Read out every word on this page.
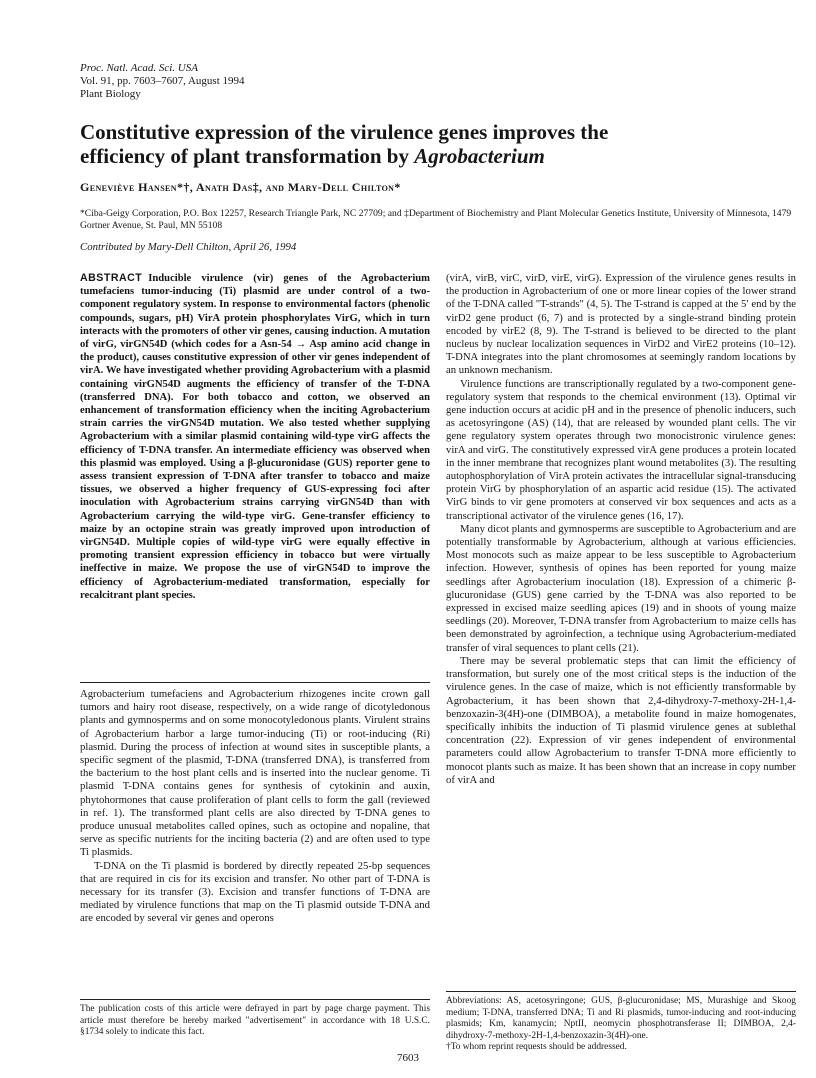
Proc. Natl. Acad. Sci. USA
Vol. 91, pp. 7603–7607, August 1994
Plant Biology
Constitutive expression of the virulence genes improves the
efficiency of plant transformation by Agrobacterium
Geneviève Hansen*†, Anath Das‡, and Mary-Dell Chilton*
*Ciba-Geigy Corporation, P.O. Box 12257, Research Triangle Park, NC 27709; and ‡Department of Biochemistry and Plant Molecular Genetics Institute, University of Minnesota, 1479 Gortner Avenue, St. Paul, MN 55108
Contributed by Mary-Dell Chilton, April 26, 1994

ABSTRACT Inducible virulence (vir) genes of the Agrobacterium tumefaciens tumor-inducing (Ti) plasmid are under control of a two-component regulatory system. In response to environmental factors (phenolic compounds, sugars, pH) VirA protein phosphorylates VirG, which in turn interacts with the promoters of other vir genes, causing induction. A mutation of virG, virGN54D (which codes for a Asn-54 → Asp amino acid change in the product), causes constitutive expression of other vir genes independent of virA. We have investigated whether providing Agrobacterium with a plasmid containing virGN54D augments the efficiency of transfer of the T-DNA (transferred DNA). For both tobacco and cotton, we observed an enhancement of transformation efficiency when the inciting Agrobacterium strain carries the virGN54D mutation. We also tested whether supplying Agrobacterium with a similar plasmid containing wild-type virG affects the efficiency of T-DNA transfer. An intermediate efficiency was observed when this plasmid was employed. Using a β-glucuronidase (GUS) reporter gene to assess transient expression of T-DNA after transfer to tobacco and maize tissues, we observed a higher frequency of GUS-expressing foci after inoculation with Agrobacterium strains carrying virGN54D than with Agrobacterium carrying the wild-type virG. Gene-transfer efficiency to maize by an octopine strain was greatly improved upon introduction of virGN54D. Multiple copies of wild-type virG were equally effective in promoting transient expression efficiency in tobacco but were virtually ineffective in maize. We propose the use of virGN54D to improve the efficiency of Agrobacterium-mediated transformation, especially for recalcitrant plant species.

Agrobacterium tumefaciens and Agrobacterium rhizogenes incite crown gall tumors and hairy root disease, respectively, on a wide range of dicotyledonous plants and gymnosperms and on some monocotyledonous plants. Virulent strains of Agrobacterium harbor a large tumor-inducing (Ti) or root-inducing (Ri) plasmid. During the process of infection at wound sites in susceptible plants, a specific segment of the plasmid, T-DNA (transferred DNA), is transferred from the bacterium to the host plant cells and is inserted into the nuclear genome. Ti plasmid T-DNA contains genes for synthesis of cytokinin and auxin, phytohormones that cause proliferation of plant cells to form the gall (reviewed in ref. 1). The transformed plant cells are also directed by T-DNA genes to produce unusual metabolites called opines, such as octopine and nopaline, that serve as specific nutrients for the inciting bacteria (2) and are often used to type Ti plasmids.

T-DNA on the Ti plasmid is bordered by directly repeated 25-bp sequences that are required in cis for its excision and transfer. No other part of T-DNA is necessary for its transfer (3). Excision and transfer functions of T-DNA are mediated by virulence functions that map on the Ti plasmid outside T-DNA and are encoded by several vir genes and operons

(virA, virB, virC, virD, virE, virG). Expression of the virulence genes results in the production in Agrobacterium of one or more linear copies of the lower strand of the T-DNA called "T-strands" (4, 5). The T-strand is capped at the 5′ end by the virD2 gene product (6, 7) and is protected by a single-strand binding protein encoded by virE2 (8, 9). The T-strand is believed to be directed to the plant nucleus by nuclear localization sequences in VirD2 and VirE2 proteins (10–12). T-DNA integrates into the plant chromosomes at seemingly random locations by an unknown mechanism.

Virulence functions are transcriptionally regulated by a two-component gene-regulatory system that responds to the chemical environment (13). Optimal vir gene induction occurs at acidic pH and in the presence of phenolic inducers, such as acetosyringone (AS) (14), that are released by wounded plant cells. The vir gene regulatory system operates through two monocistronic virulence genes: virA and virG. The constitutively expressed virA gene produces a protein located in the inner membrane that recognizes plant wound metabolites (3). The resulting autophosphorylation of VirA protein activates the intracellular signal-transducing protein VirG by phosphorylation of an aspartic acid residue (15). The activated VirG binds to vir gene promoters at conserved vir box sequences and acts as a transcriptional activator of the virulence genes (16, 17).

Many dicot plants and gymnosperms are susceptible to Agrobacterium and are potentially transformable by Agrobacterium, although at various efficiencies. Most monocots such as maize appear to be less susceptible to Agrobacterium infection. However, synthesis of opines has been reported for young maize seedlings after Agrobacterium inoculation (18). Expression of a chimeric β-glucuronidase (GUS) gene carried by the T-DNA was also reported to be expressed in excised maize seedling apices (19) and in shoots of young maize seedlings (20). Moreover, T-DNA transfer from Agrobacterium to maize cells has been demonstrated by agroinfection, a technique using Agrobacterium-mediated transfer of viral sequences to plant cells (21).

There may be several problematic steps that can limit the efficiency of transformation, but surely one of the most critical steps is the induction of the virulence genes. In the case of maize, which is not efficiently transformable by Agrobacterium, it has been shown that 2,4-dihydroxy-7-methoxy-2H-1,4-benzoxazin-3(4H)-one (DIMBOA), a metabolite found in maize homogenates, specifically inhibits the induction of Ti plasmid virulence genes at sublethal concentration (22). Expression of vir genes independent of environmental parameters could allow Agrobacterium to transfer T-DNA more efficiently to monocot plants such as maize. It has been shown that an increase in copy number of virA and

Abbreviations: AS, acetosyringone; GUS, β-glucuronidase; MS, Murashige and Skoog medium; T-DNA, transferred DNA; Ti and Ri plasmids, tumor-inducing and root-inducing plasmids; Km, kanamycin; NptII, neomycin phosphotransferase II; DIMBOA, 2,4-dihydroxy-7-methoxy-2H-1,4-benzoxazin-3(4H)-one.
†To whom reprint requests should be addressed.
The publication costs of this article were defrayed in part by page charge payment. This article must therefore be hereby marked "advertisement" in accordance with 18 U.S.C. §1734 solely to indicate this fact.
7603
